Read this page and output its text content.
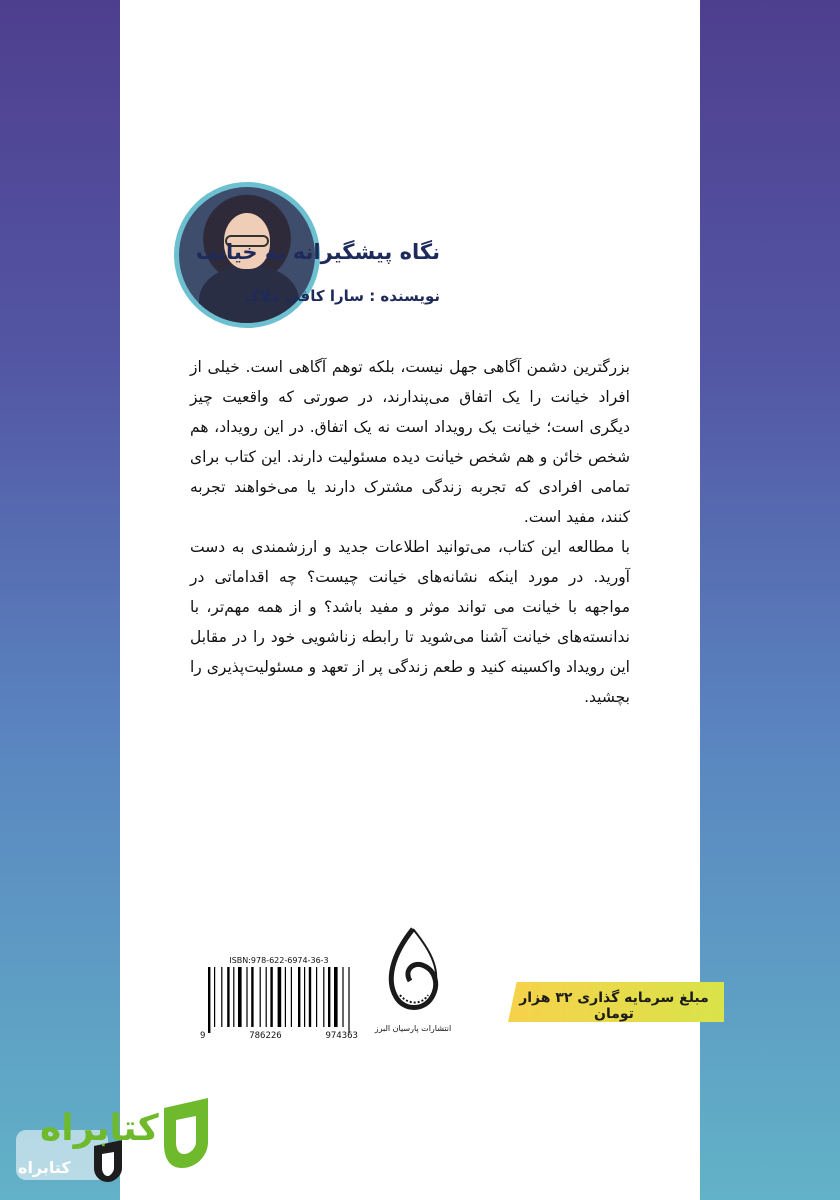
نگاه پیشگیرانه به خیانت
نویسنده : سارا کافی ملاک

بزرگترین دشمن آگاهی جهل نیست، بلکه توهم آگاهی است. خیلی از افراد خیانت را یک اتفاق می‌پندارند، در صورتی که واقعیت چیز دیگری است؛ خیانت یک رویداد است نه یک اتفاق. در این رویداد، هم شخص خائن و هم شخص خیانت دیده مسئولیت دارند. این کتاب برای تمامی افرادی که تجربه زندگی مشترک دارند یا می‌خواهند تجربه کنند، مفید است.

با مطالعه این کتاب، می‌توانید اطلاعات جدید و ارزشمندی به دست آورید. در مورد اینکه نشانه‌های خیانت چیست؟ چه اقداماتی در مواجهه با خیانت می تواند موثر و مفید باشد؟ و از همه مهم‌تر، با ندانسته‌های خیانت آشنا می‌شوید تا رابطه زناشویی خود را در مقابل این رویداد واکسینه کنید و طعم زندگی پر از تعهد و مسئولیت‌پذیری را بچشید.

ISBN:978-622-6974-36-3
9	786226	974363
انتشارات پارسیان البرز
مبلغ سرمایه گذاری ۳۲ هزار تومان
کتابراه
کتابراه
